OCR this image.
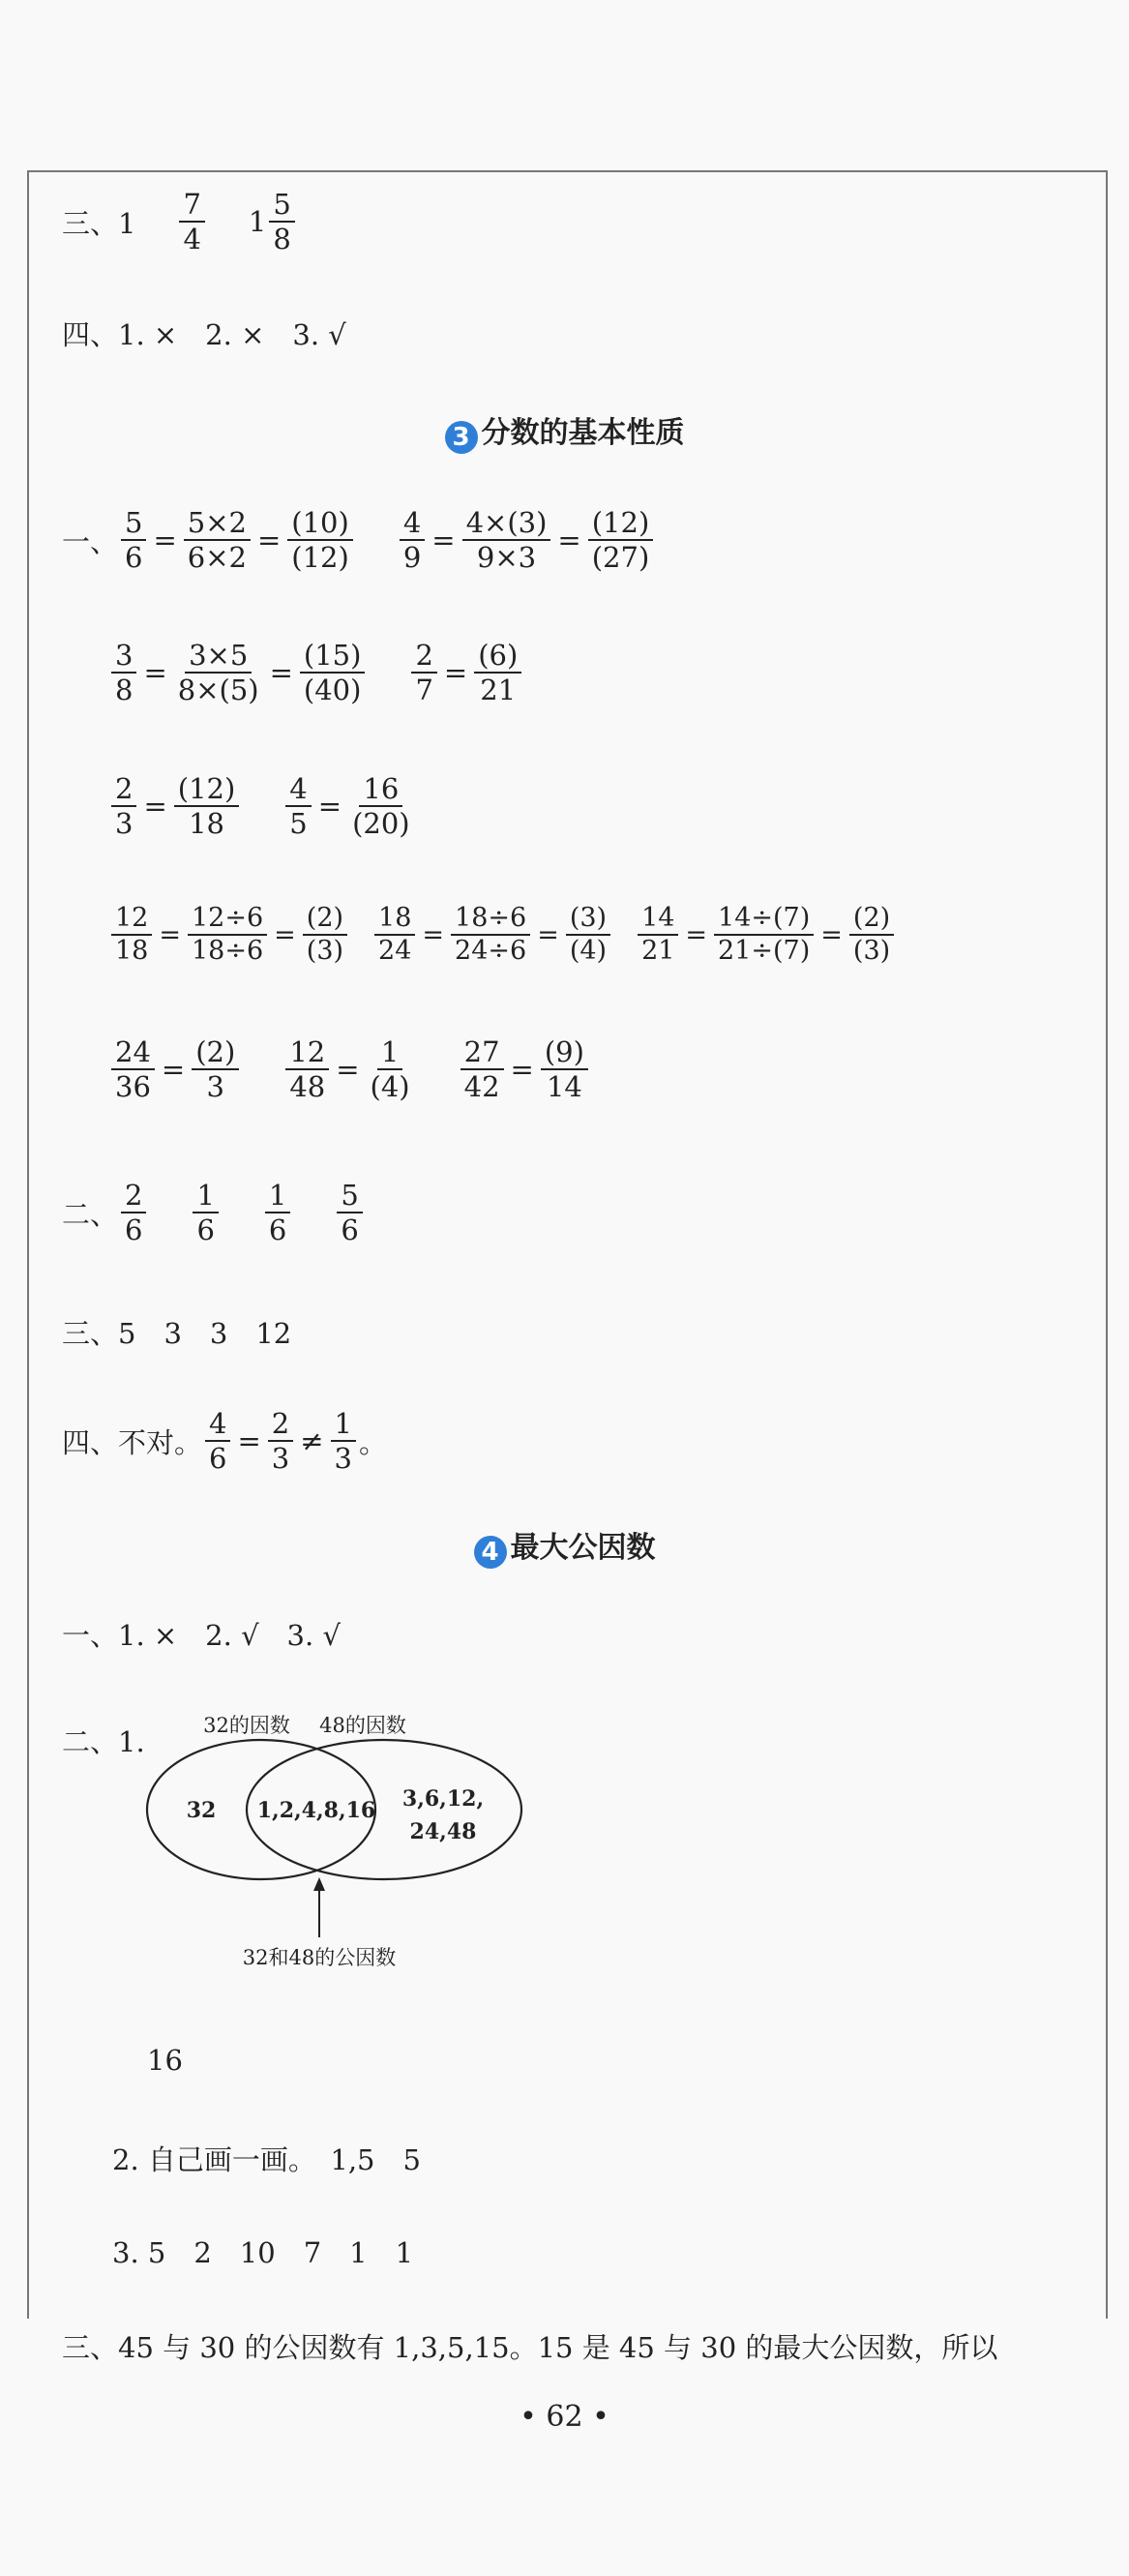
三、$1 \frac{7}{4} 1 \frac{5}{8}$
四、1. ×　2. ×　3. √
3 分数的基本性质
一、 $\frac{5}{6} = \frac{5\times 2}{6\times 2} = \frac{(10)}{(12)} \frac{4}{9} = \frac{4\times(3)}{9\times 3} = \frac{(12)}{(27)}$
$\frac{3}{8} = \frac{3\times 5}{8\times(5)} = \frac{(15)}{(40)} \frac{2}{7} = \frac{(6)}{21}$
$\frac{2}{3} = \frac{(12)}{18} \frac{4}{5} = \frac{16}{(20)}$
$\frac{12}{18} = \frac{12\div 6}{18\div 6} = \frac{(2)}{(3)} \frac{18}{24} = \frac{18\div 6}{24\div 6} = \frac{(3)}{(4)} \frac{14}{21} = \frac{14\div(7)}{21\div(7)} = \frac{(2)}{(3)}$
$\frac{24}{36} = \frac{(2)}{3} \frac{12}{48} = \frac{1}{(4)} \frac{27}{42} = \frac{(9)}{14}$
二、 $\frac{2}{6} \frac{1}{6} \frac{1}{6} \frac{5}{6}$
三、5　3　3　12
四、不对。 $\frac{4}{6} = \frac{2}{3} \ne \frac{1}{3}$ 。
4 最大公因数
一、1. ×　2. √　3. √
二、1.	32的因数 48的因数
32 1,2,4,8,16 3,6,12,
24,48
32和48的公因数
16
2. 自己画一画。　1,5　5
3. 5　2　10　7　1　1
三、45 与 30 的公因数有 1,3,5,15。15 是 45 与 30 的最大公因数，所以
• 62 •
